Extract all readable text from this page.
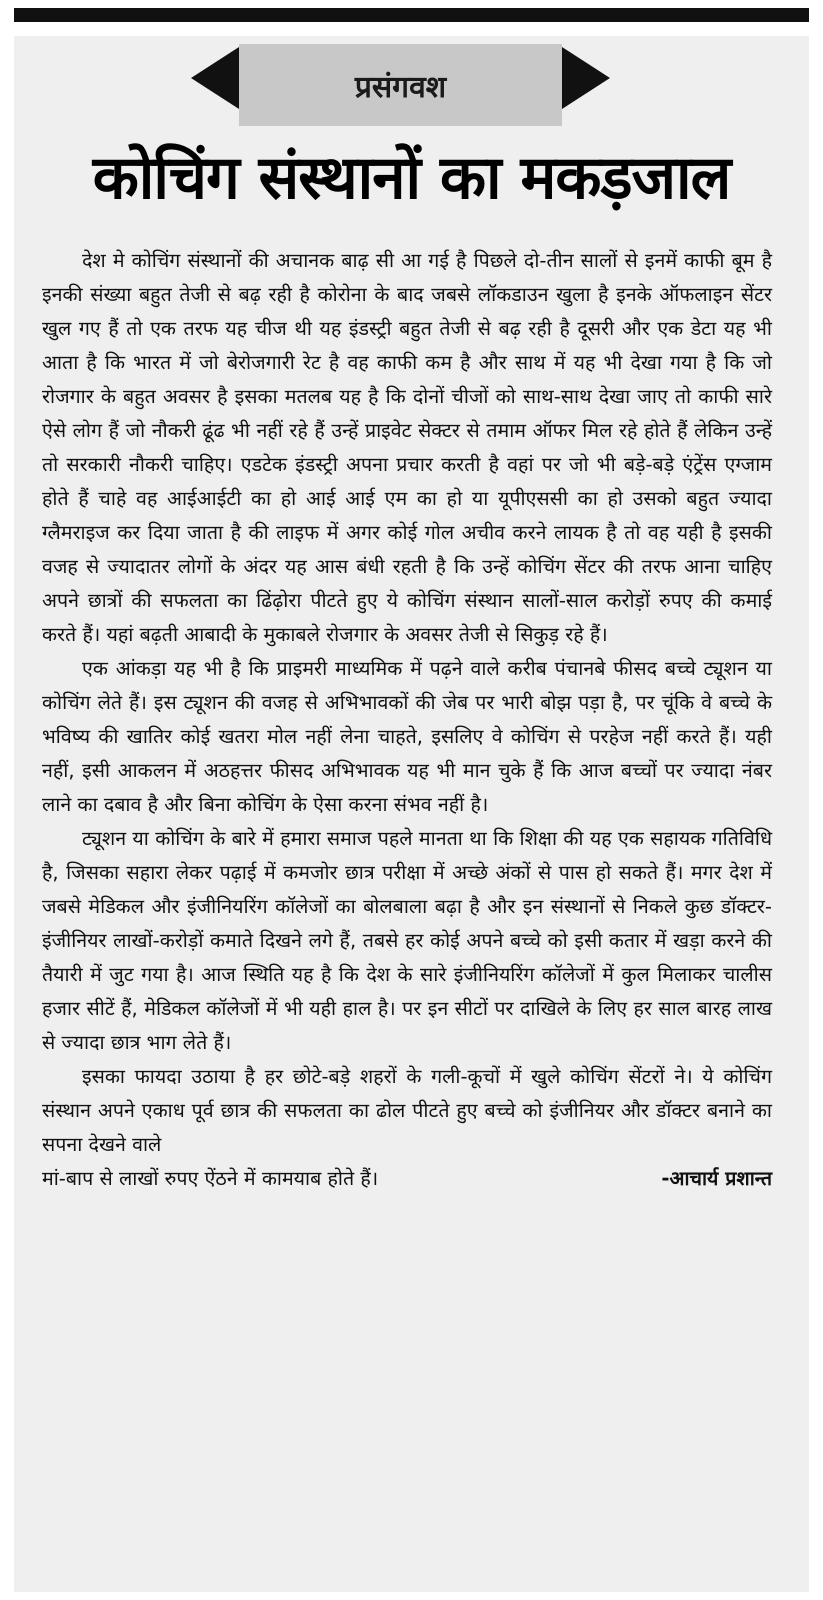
प्रसंगवश
कोचिंग संस्थानों का मकड़जाल

देश मे कोचिंग संस्थानों की अचानक बाढ़ सी आ गई है पिछले दो-तीन सालों से इनमें काफी बूम है इनकी संख्या बहुत तेजी से बढ़ रही है कोरोना के बाद जबसे लॉकडाउन खुला है इनके ऑफलाइन सेंटर खुल गए हैं तो एक तरफ यह चीज थी यह इंडस्ट्री बहुत तेजी से बढ़ रही है दूसरी और एक डेटा यह भी आता है कि भारत में जो बेरोजगारी रेट है वह काफी कम है और साथ में यह भी देखा गया है कि जो रोजगार के बहुत अवसर है इसका मतलब यह है कि दोनों चीजों को साथ-साथ देखा जाए तो काफी सारे ऐसे लोग हैं जो नौकरी ढूंढ भी नहीं रहे हैं उन्हें प्राइवेट सेक्टर से तमाम ऑफर मिल रहे होते हैं लेकिन उन्हें तो सरकारी नौकरी चाहिए। एडटेक इंडस्ट्री अपना प्रचार करती है वहां पर जो भी बड़े-बड़े एंट्रेंस एग्जाम होते हैं चाहे वह आईआईटी का हो आई आई एम का हो या यूपीएससी का हो उसको बहुत ज्यादा ग्लैमराइज कर दिया जाता है की लाइफ में अगर कोई गोल अचीव करने लायक है तो वह यही है इसकी वजह से ज्यादातर लोगों के अंदर यह आस बंधी रहती है कि उन्हें कोचिंग सेंटर की तरफ आना चाहिए अपने छात्रों की सफलता का ढिंढ़ोरा पीटते हुए ये कोचिंग संस्थान सालों-साल करोड़ों रुपए की कमाई करते हैं। यहां बढ़ती आबादी के मुकाबले रोजगार के अवसर तेजी से सिकुड़ रहे हैं।

एक आंकड़ा यह भी है कि प्राइमरी माध्यमिक में पढ़ने वाले करीब पंचानबे फीसद बच्चे ट्यूशन या कोचिंग लेते हैं। इस ट्यूशन की वजह से अभिभावकों की जेब पर भारी बोझ पड़ा है, पर चूंकि वे बच्चे के भविष्य की खातिर कोई खतरा मोल नहीं लेना चाहते, इसलिए वे कोचिंग से परहेज नहीं करते हैं। यही नहीं, इसी आकलन में अठहत्तर फीसद अभिभावक यह भी मान चुके हैं कि आज बच्चों पर ज्यादा नंबर लाने का दबाव है और बिना कोचिंग के ऐसा करना संभव नहीं है।

ट्यूशन या कोचिंग के बारे में हमारा समाज पहले मानता था कि शिक्षा की यह एक सहायक गतिविधि है, जिसका सहारा लेकर पढ़ाई में कमजोर छात्र परीक्षा में अच्छे अंकों से पास हो सकते हैं। मगर देश में जबसे मेडिकल और इंजीनियरिंग कॉलेजों का बोलबाला बढ़ा है और इन संस्थानों से निकले कुछ डॉक्टर-इंजीनियर लाखों-करोड़ों कमाते दिखने लगे हैं, तबसे हर कोई अपने बच्चे को इसी कतार में खड़ा करने की तैयारी में जुट गया है। आज स्थिति यह है कि देश के सारे इंजीनियरिंग कॉलेजों में कुल मिलाकर चालीस हजार सीटें हैं, मेडिकल कॉलेजों में भी यही हाल है। पर इन सीटों पर दाखिले के लिए हर साल बारह लाख से ज्यादा छात्र भाग लेते हैं।

इसका फायदा उठाया है हर छोटे-बड़े शहरों के गली-कूचों में खुले कोचिंग सेंटरों ने। ये कोचिंग संस्थान अपने एकाध पूर्व छात्र की सफलता का ढोल पीटते हुए बच्चे को इंजीनियर और डॉक्टर बनाने का सपना देखने वाले

मां-बाप से लाखों रुपए ऐंठने में कामयाब होते हैं।	-आचार्य प्रशान्त
